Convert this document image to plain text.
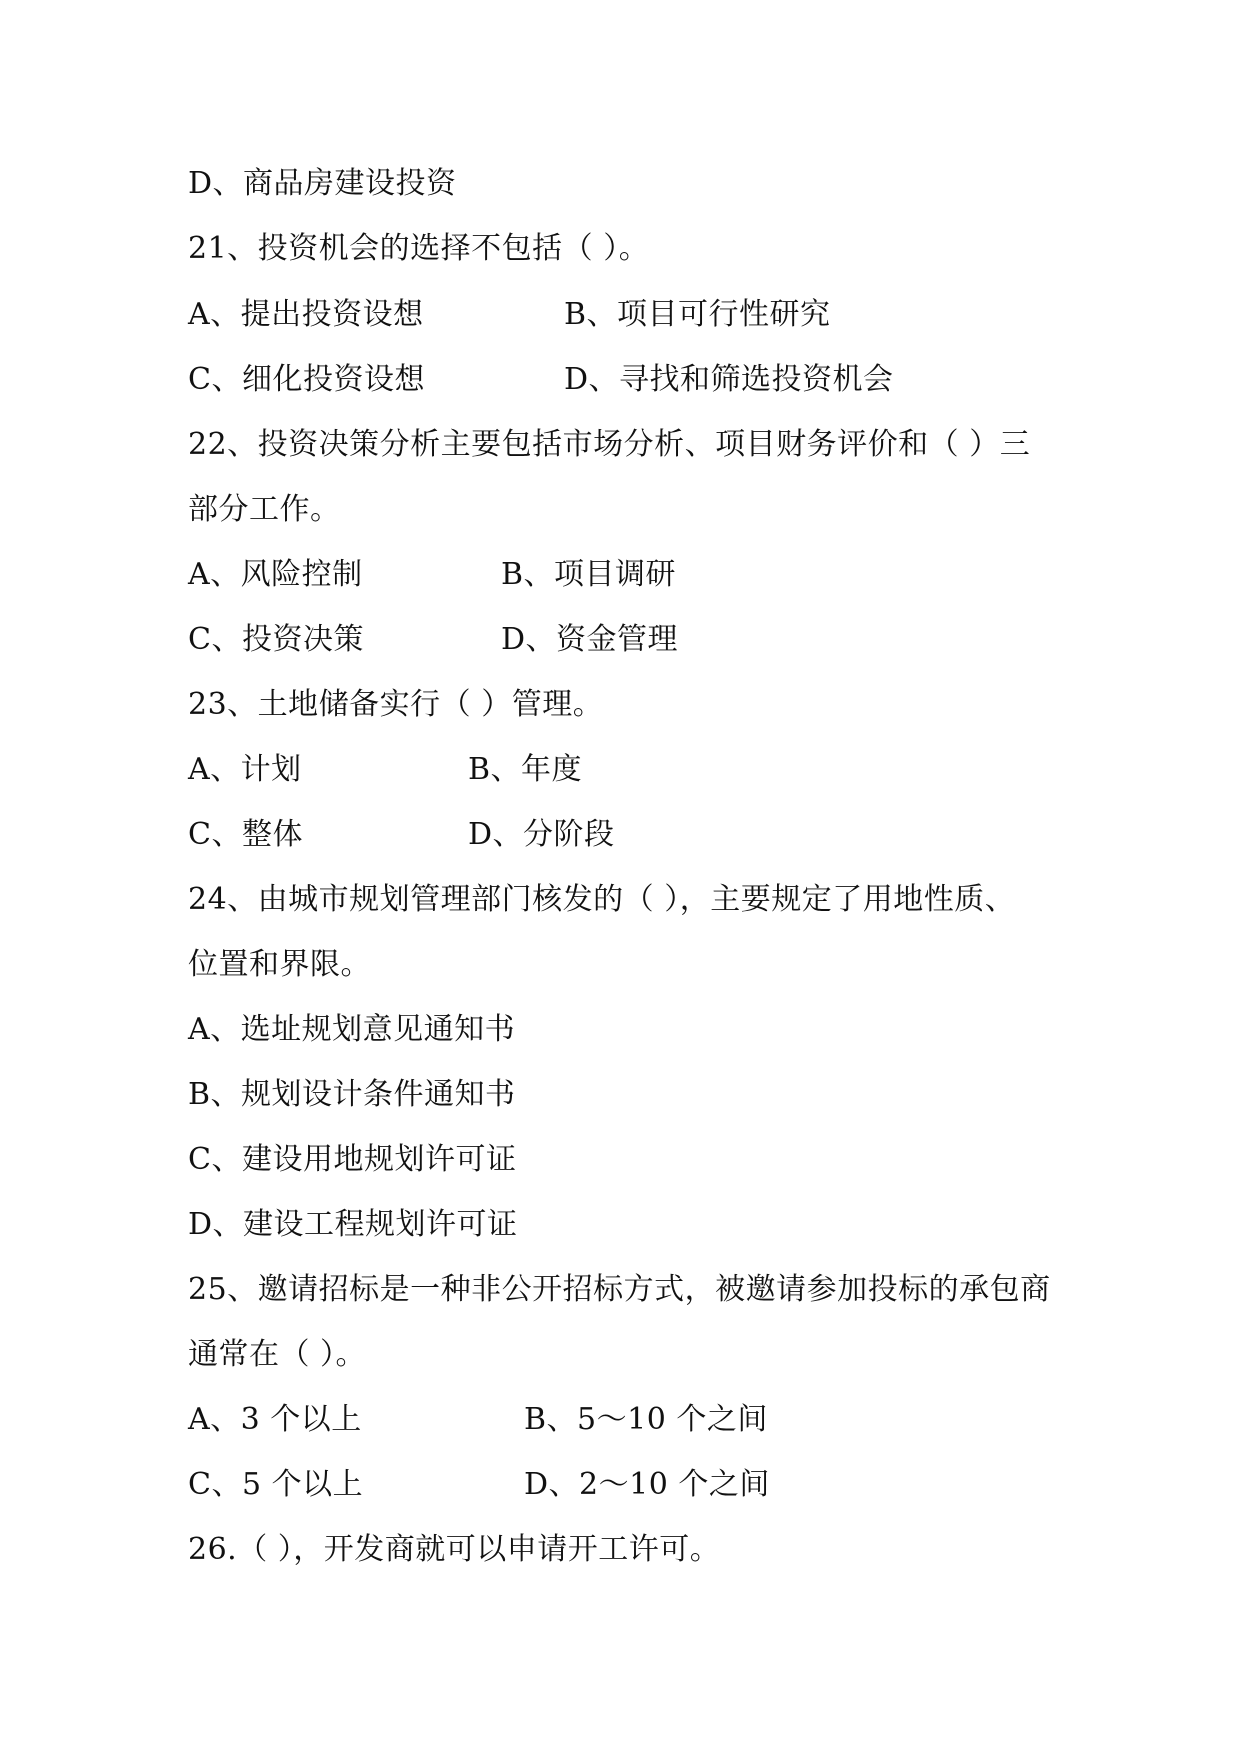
D、商品房建设投资
21、投资机会的选择不包括（ ）。
A、提出投资设想	B、项目可行性研究
C、细化投资设想	D、寻找和筛选投资机会
22、投资决策分析主要包括市场分析、项目财务评价和（ ）三
部分工作。
A、风险控制	B、项目调研
C、投资决策	D、资金管理
23、土地储备实行（ ）管理。
A、计划	B、年度
C、整体	D、分阶段
24、由城市规划管理部门核发的（ ），主要规定了用地性质、
位置和界限。
A、选址规划意见通知书
B、规划设计条件通知书
C、建设用地规划许可证
D、建设工程规划许可证
25、邀请招标是一种非公开招标方式，被邀请参加投标的承包商
通常在（ ）。
A、3 个以上	B、5～10 个之间
C、5 个以上	D、2～10 个之间
26.（ ），开发商就可以申请开工许可。
